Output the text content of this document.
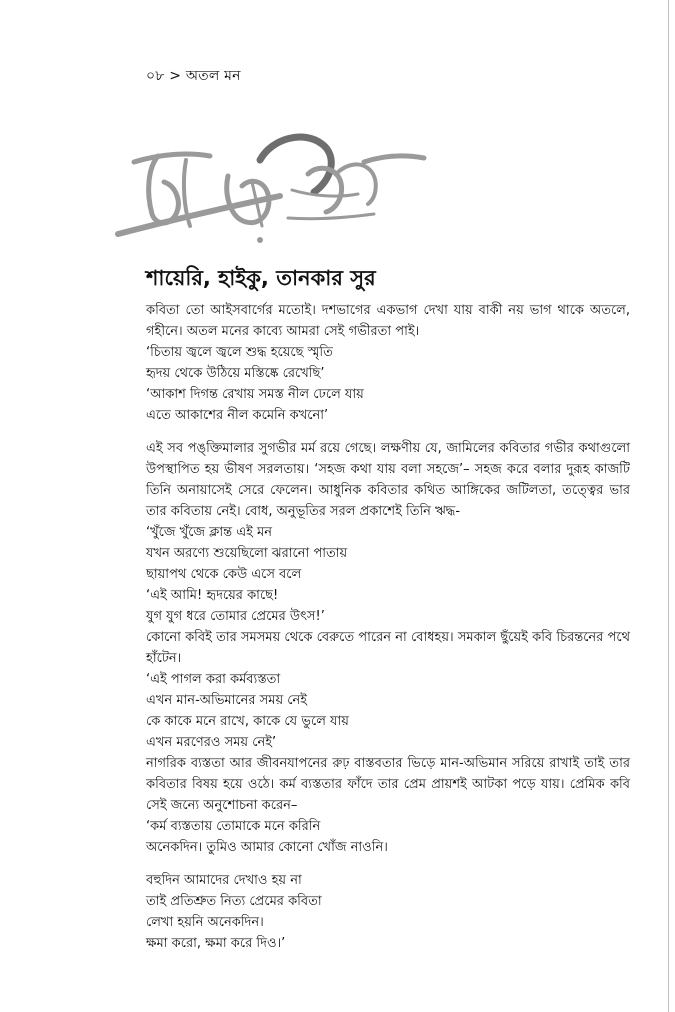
০৮ > অতল মন
শায়েরি, হাইকু, তানকার সুর

কবিতা তো আইসবার্গের মতোই। দশভাগের একভাগ দেখা যায় বাকী নয় ভাগ থাকে অতলে, গহীনে। অতল মনের কাব্যে আমরা সেই গভীরতা পাই।

‘চিতায় জ্বলে জ্বলে শুদ্ধ হয়েছে স্মৃতি
হৃদয় থেকে উঠিয়ে মস্তিষ্কে রেখেছি’
‘আকাশ দিগন্ত রেখায় সমস্ত নীল ঢেলে যায়
এতে আকাশের নীল কমেনি কখনো’

এই সব পঙ্‌ক্তিমালার সুগভীর মর্ম রয়ে গেছে। লক্ষণীয় যে, জামিলের কবিতার গভীর কথাগুলো উপস্থাপিত হয় ভীষণ সরলতায়। ‘সহজ কথা যায় বলা সহজে’– সহজ করে বলার দুরূহ কাজটি তিনি অনায়াসেই সেরে ফেলেন। আধুনিক কবিতার কথিত আঙ্গিকের জটিলতা, তত্ত্বের ভার তার কবিতায় নেই। বোধ, অনুভূতির সরল প্রকাশেই তিনি ঋদ্ধ-

‘খুঁজে খুঁজে ক্লান্ত এই মন
যখন অরণ্যে শুয়েছিলো ঝরানো পাতায়
ছায়াপথ থেকে কেউ এসে বলে
‘এই আমি! হৃদয়ের কাছে!
যুগ যুগ ধরে তোমার প্রেমের উৎস!’

কোনো কবিই তার সমসময় থেকে বেরুতে পারেন না বোধহয়। সমকাল ছুঁয়েই কবি চিরন্তনের পথে হাঁটেন।

‘এই পাগল করা কর্মব্যস্ততা
এখন মান-অভিমানের সময় নেই
কে কাকে মনে রাখে, কাকে যে ভুলে যায়
এখন মরণেরও সময় নেই’

নাগরিক ব্যস্ততা আর জীবনযাপনের রুঢ় বাস্তবতার ভিড়ে মান-অভিমান সরিয়ে রাখাই তাই তার কবিতার বিষয় হয়ে ওঠে। কর্ম ব্যস্ততার ফাঁদে তার প্রেম প্রায়শই আটকা পড়ে যায়। প্রেমিক কবি সেই জন্যে অনুশোচনা করেন–

‘কর্ম ব্যস্ততায় তোমাকে মনে করিনি
অনেকদিন। তুমিও আমার কোনো খোঁজ নাওনি।
বহুদিন আমাদের দেখাও হয় না
তাই প্রতিশ্রুত নিত্য প্রেমের কবিতা
লেখা হয়নি অনেকদিন।
ক্ষমা করো, ক্ষমা করে দিও।’
